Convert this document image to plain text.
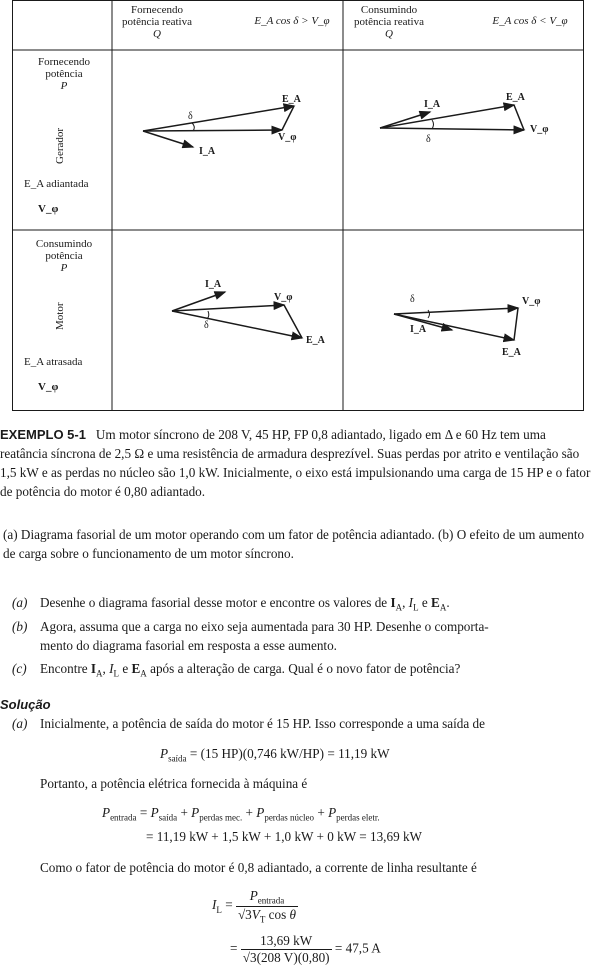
Fornecendo
potência reativa
Q
E_A cos δ > V_φ
Consumindo
potência reativa
Q
E_A cos δ < V_φ
Fornecendo
potência
P
Gerador
E_A adiantada
V_φ
Consumindo
potência
P
Motor
E_A atrasada
V_φ
E_A
δ
V_φ
I_A
E_A
I_A
V_φ
δ
I_A
V_φ
δ
E_A
δ	V_φ
I_A
E_A
EXEMPLO 5-1 Um motor síncrono de 208 V, 45 HP, FP 0,8 adiantado, ligado em Δ e 60 Hz tem uma reatância síncrona de 2,5 Ω e uma resistência de armadura desprezível. Suas perdas por atrito e ventilação são 1,5 kW e as perdas no núcleo são 1,0 kW. Inicialmente, o eixo está impulsionando uma carga de 15 HP e o fator de potência do motor é 0,80 adiantado.
(a) Diagrama fasorial de um motor operando com um fator de potência adiantado. (b) O efeito de um aumento de carga sobre o funcionamento de um motor síncrono.
(a) Desenhe o diagrama fasorial desse motor e encontre os valores de $I_A$, $I_L$ e $E_A$.
(b) Agora, assuma que a carga no eixo seja aumentada para 30 HP. Desenhe o comporta-
mento do diagrama fasorial em resposta a esse aumento.
(c) Encontre $I_A$, $I_L$ e $E_A$ após a alteração de carga. Qual é o novo fator de potência?
Solução
(a) Inicialmente, a potência de saída do motor é 15 HP. Isso corresponde a uma saída de
$P_{saída} = (15$ HP)(0,746 kW/HP) = 11,19 kW
Portanto, a potência elétrica fornecida à máquina é
$P_{entrada} = P_{saída} + P_{perdas mec.} + P_{perdas núcleo} + P_{perdas eletr.}$
= 11,19 kW + 1,5 kW + 1,0 kW + 0 kW = 13,69 kW
Como o fator de potência do motor é 0,8 adiantado, a corrente de linha resultante é
$I_L = \frac{P_{entrada}}{√3V_T \cos \theta}$
= $\frac{13,69 kW}{√3(208 V)(0,80)} = 47,5$ A
